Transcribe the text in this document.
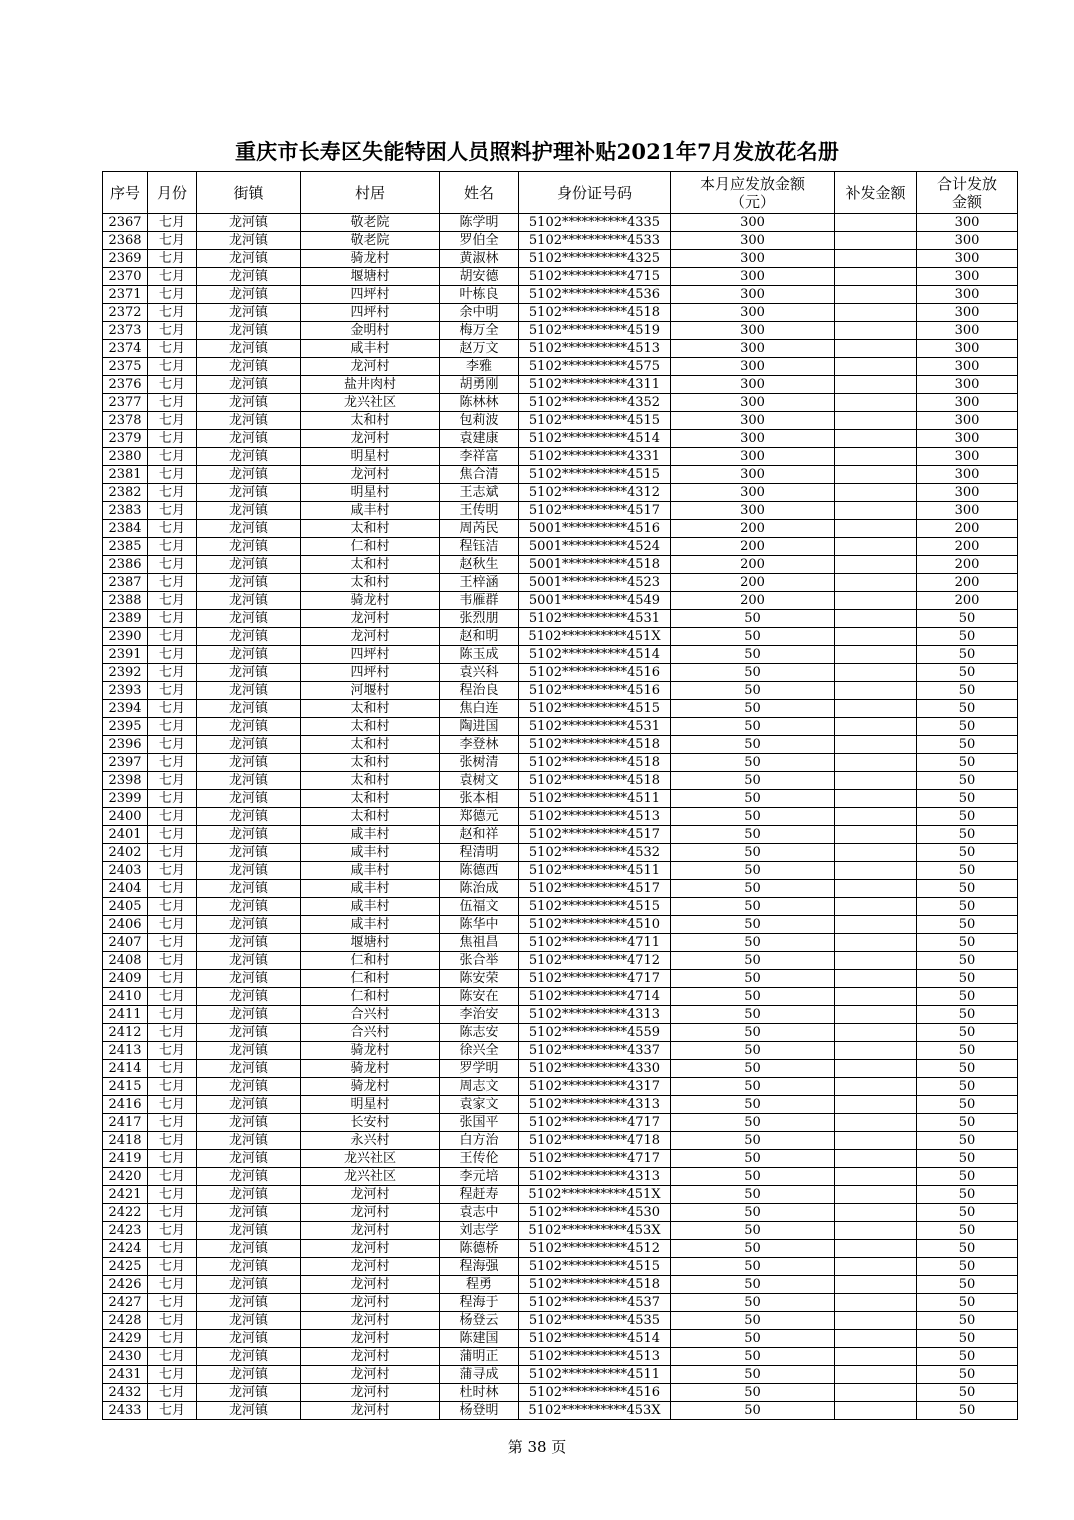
重庆市长寿区失能特困人员照料护理补贴2021年7月发放花名册
序号	月份	街镇	村居	姓名	身份证号码	本月应发放金额（元）	补发金额	合计发放金额
2367	七月	龙河镇	敬老院	陈学明	5102**********4335	300		300
2368	七月	龙河镇	敬老院	罗伯全	5102**********4533	300		300
2369	七月	龙河镇	骑龙村	黄淑林	5102**********4325	300		300
2370	七月	龙河镇	堰塘村	胡安德	5102**********4715	300		300
2371	七月	龙河镇	四坪村	叶栋良	5102**********4536	300		300
2372	七月	龙河镇	四坪村	余中明	5102**********4518	300		300
2373	七月	龙河镇	金明村	梅万全	5102**********4519	300		300
2374	七月	龙河镇	咸丰村	赵万文	5102**********4513	300		300
2375	七月	龙河镇	龙河村	李雅	5102**********4575	300		300
2376	七月	龙河镇	盐井肉村	胡勇刚	5102**********4311	300		300
2377	七月	龙河镇	龙兴社区	陈林林	5102**********4352	300		300
2378	七月	龙河镇	太和村	包莉波	5102**********4515	300		300
2379	七月	龙河镇	龙河村	袁建康	5102**********4514	300		300
2380	七月	龙河镇	明星村	李祥富	5102**********4331	300		300
2381	七月	龙河镇	龙河村	焦合清	5102**********4515	300		300
2382	七月	龙河镇	明星村	王志斌	5102**********4312	300		300
2383	七月	龙河镇	咸丰村	王传明	5102**********4517	300		300
2384	七月	龙河镇	太和村	周芮民	5001**********4516	200		200
2385	七月	龙河镇	仁和村	程钰洁	5001**********4524	200		200
2386	七月	龙河镇	太和村	赵秋生	5001**********4518	200		200
2387	七月	龙河镇	太和村	王梓涵	5001**********4523	200		200
2388	七月	龙河镇	骑龙村	韦雁群	5001**********4549	200		200
2389	七月	龙河镇	龙河村	张烈朋	5102**********4531	50		50
2390	七月	龙河镇	龙河村	赵和明	5102**********451X	50		50
2391	七月	龙河镇	四坪村	陈玉成	5102**********4514	50		50
2392	七月	龙河镇	四坪村	袁兴科	5102**********4516	50		50
2393	七月	龙河镇	河堰村	程治良	5102**********4516	50		50
2394	七月	龙河镇	太和村	焦白连	5102**********4515	50		50
2395	七月	龙河镇	太和村	陶进国	5102**********4531	50		50
2396	七月	龙河镇	太和村	李登林	5102**********4518	50		50
2397	七月	龙河镇	太和村	张树清	5102**********4518	50		50
2398	七月	龙河镇	太和村	袁树文	5102**********4518	50		50
2399	七月	龙河镇	太和村	张本相	5102**********4511	50		50
2400	七月	龙河镇	太和村	郑德元	5102**********4513	50		50
2401	七月	龙河镇	咸丰村	赵和祥	5102**********4517	50		50
2402	七月	龙河镇	咸丰村	程清明	5102**********4532	50		50
2403	七月	龙河镇	咸丰村	陈德西	5102**********4511	50		50
2404	七月	龙河镇	咸丰村	陈治成	5102**********4517	50		50
2405	七月	龙河镇	咸丰村	伍福文	5102**********4515	50		50
2406	七月	龙河镇	咸丰村	陈华中	5102**********4510	50		50
2407	七月	龙河镇	堰塘村	焦祖昌	5102**********4711	50		50
2408	七月	龙河镇	仁和村	张合举	5102**********4712	50		50
2409	七月	龙河镇	仁和村	陈安荣	5102**********4717	50		50
2410	七月	龙河镇	仁和村	陈安在	5102**********4714	50		50
2411	七月	龙河镇	合兴村	李治安	5102**********4313	50		50
2412	七月	龙河镇	合兴村	陈志安	5102**********4559	50		50
2413	七月	龙河镇	骑龙村	徐兴全	5102**********4337	50		50
2414	七月	龙河镇	骑龙村	罗学明	5102**********4330	50		50
2415	七月	龙河镇	骑龙村	周志文	5102**********4317	50		50
2416	七月	龙河镇	明星村	袁家文	5102**********4313	50		50
2417	七月	龙河镇	长安村	张国平	5102**********4717	50		50
2418	七月	龙河镇	永兴村	白方治	5102**********4718	50		50
2419	七月	龙河镇	龙兴社区	王传伦	5102**********4717	50		50
2420	七月	龙河镇	龙兴社区	李元培	5102**********4313	50		50
2421	七月	龙河镇	龙河村	程赶寿	5102**********451X	50		50
2422	七月	龙河镇	龙河村	袁志中	5102**********4530	50		50
2423	七月	龙河镇	龙河村	刘志学	5102**********453X	50		50
2424	七月	龙河镇	龙河村	陈德桥	5102**********4512	50		50
2425	七月	龙河镇	龙河村	程海强	5102**********4515	50		50
2426	七月	龙河镇	龙河村	程勇	5102**********4518	50		50
2427	七月	龙河镇	龙河村	程海于	5102**********4537	50		50
2428	七月	龙河镇	龙河村	杨登云	5102**********4535	50		50
2429	七月	龙河镇	龙河村	陈建国	5102**********4514	50		50
2430	七月	龙河镇	龙河村	蒲明正	5102**********4513	50		50
2431	七月	龙河镇	龙河村	蒲寻成	5102**********4511	50		50
2432	七月	龙河镇	龙河村	杜时林	5102**********4516	50		50
2433	七月	龙河镇	龙河村	杨登明	5102**********453X	50		50
第 38 页
